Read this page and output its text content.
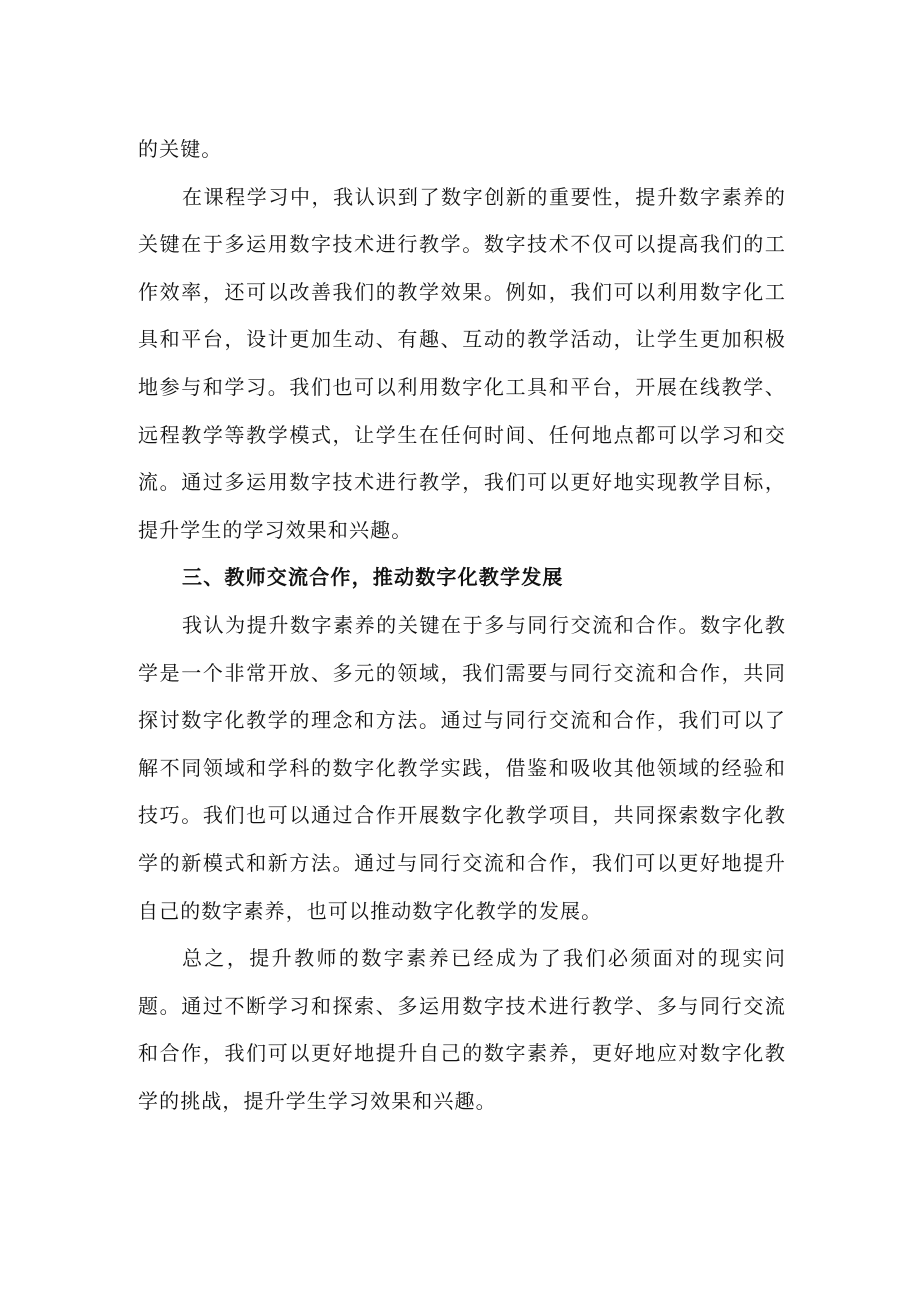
的关键。

在课程学习中，我认识到了数字创新的重要性，提升数字素养的关键在于多运用数字技术进行教学。数字技术不仅可以提高我们的工作效率，还可以改善我们的教学效果。例如，我们可以利用数字化工具和平台，设计更加生动、有趣、互动的教学活动，让学生更加积极地参与和学习。我们也可以利用数字化工具和平台，开展在线教学、远程教学等教学模式，让学生在任何时间、任何地点都可以学习和交流。通过多运用数字技术进行教学，我们可以更好地实现教学目标，提升学生的学习效果和兴趣。

三、教师交流合作，推动数字化教学发展

我认为提升数字素养的关键在于多与同行交流和合作。数字化教学是一个非常开放、多元的领域，我们需要与同行交流和合作，共同探讨数字化教学的理念和方法。通过与同行交流和合作，我们可以了解不同领域和学科的数字化教学实践，借鉴和吸收其他领域的经验和技巧。我们也可以通过合作开展数字化教学项目，共同探索数字化教学的新模式和新方法。通过与同行交流和合作，我们可以更好地提升自己的数字素养，也可以推动数字化教学的发展。

总之，提升教师的数字素养已经成为了我们必须面对的现实问题。通过不断学习和探索、多运用数字技术进行教学、多与同行交流和合作，我们可以更好地提升自己的数字素养，更好地应对数字化教学的挑战，提升学生学习效果和兴趣。
